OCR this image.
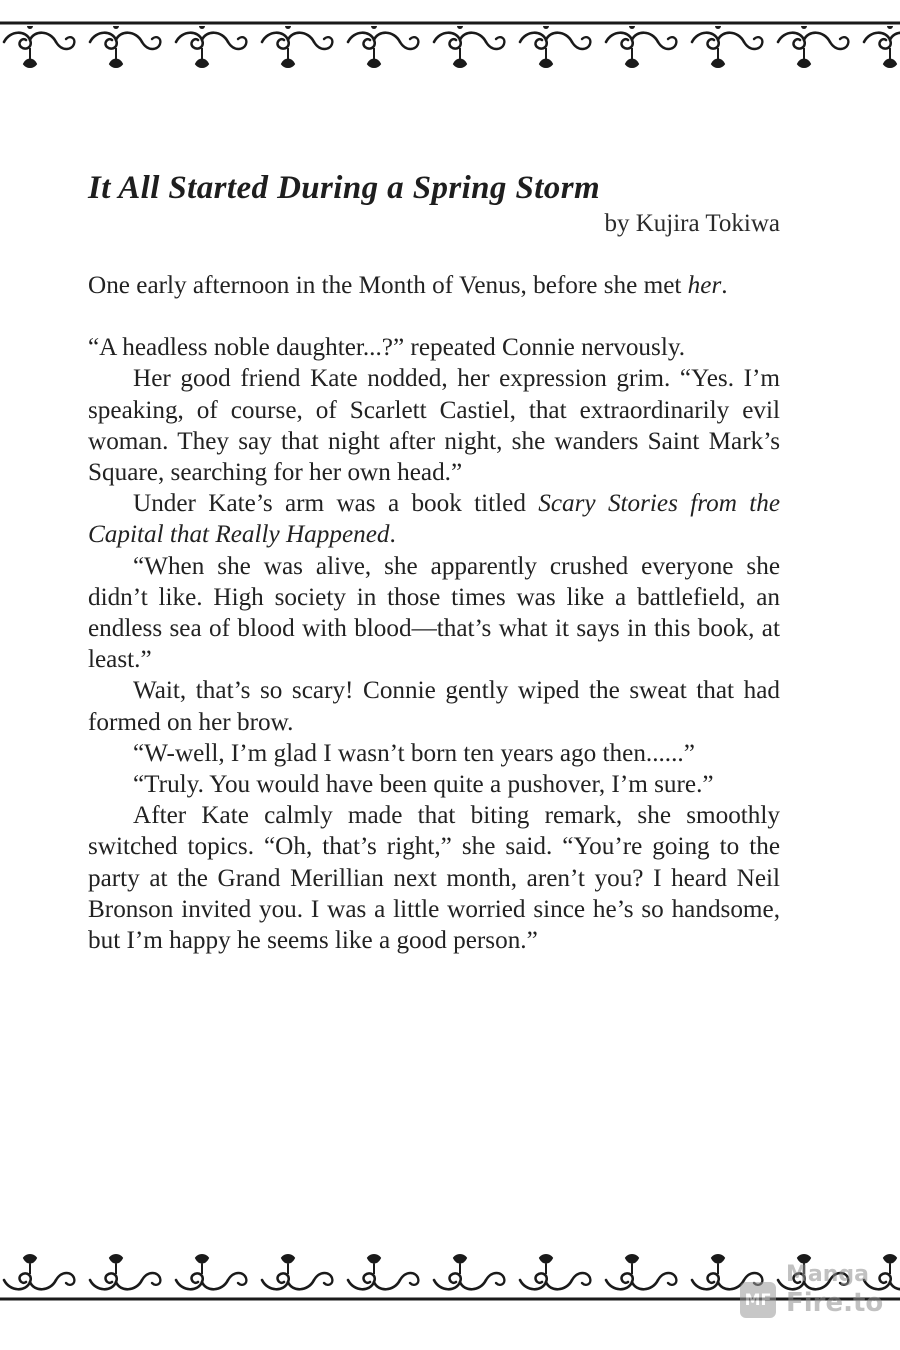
It All Started During a Spring Storm
by Kujira Tokiwa

One early afternoon in the Month of Venus, before she met her.

“A headless noble daughter...?” repeated Connie nervously.

Her good friend Kate nodded, her expression grim. “Yes. I’m speaking, of course, of Scarlett Castiel, that extraordinarily evil woman. They say that night after night, she wanders Saint Mark’s Square, searching for her own head.”

Under Kate’s arm was a book titled Scary Stories from the Capital that Really Happened.

“When she was alive, she apparently crushed everyone she didn’t like. High society in those times was like a battlefield, an endless sea of blood with blood—that’s what it says in this book, at least.”

Wait, that’s so scary! Connie gently wiped the sweat that had formed on her brow.

“W-well, I’m glad I wasn’t born ten years ago then......”

“Truly. You would have been quite a pushover, I’m sure.”

After Kate calmly made that biting remark, she smoothly switched topics. “Oh, that’s right,” she said. “You’re going to the party at the Grand Merillian next month, aren’t you? I heard Neil Bronson invited you. I was a little worried since he’s so handsome, but I’m happy he seems like a good person.”

MF
Manga
Fire.to
